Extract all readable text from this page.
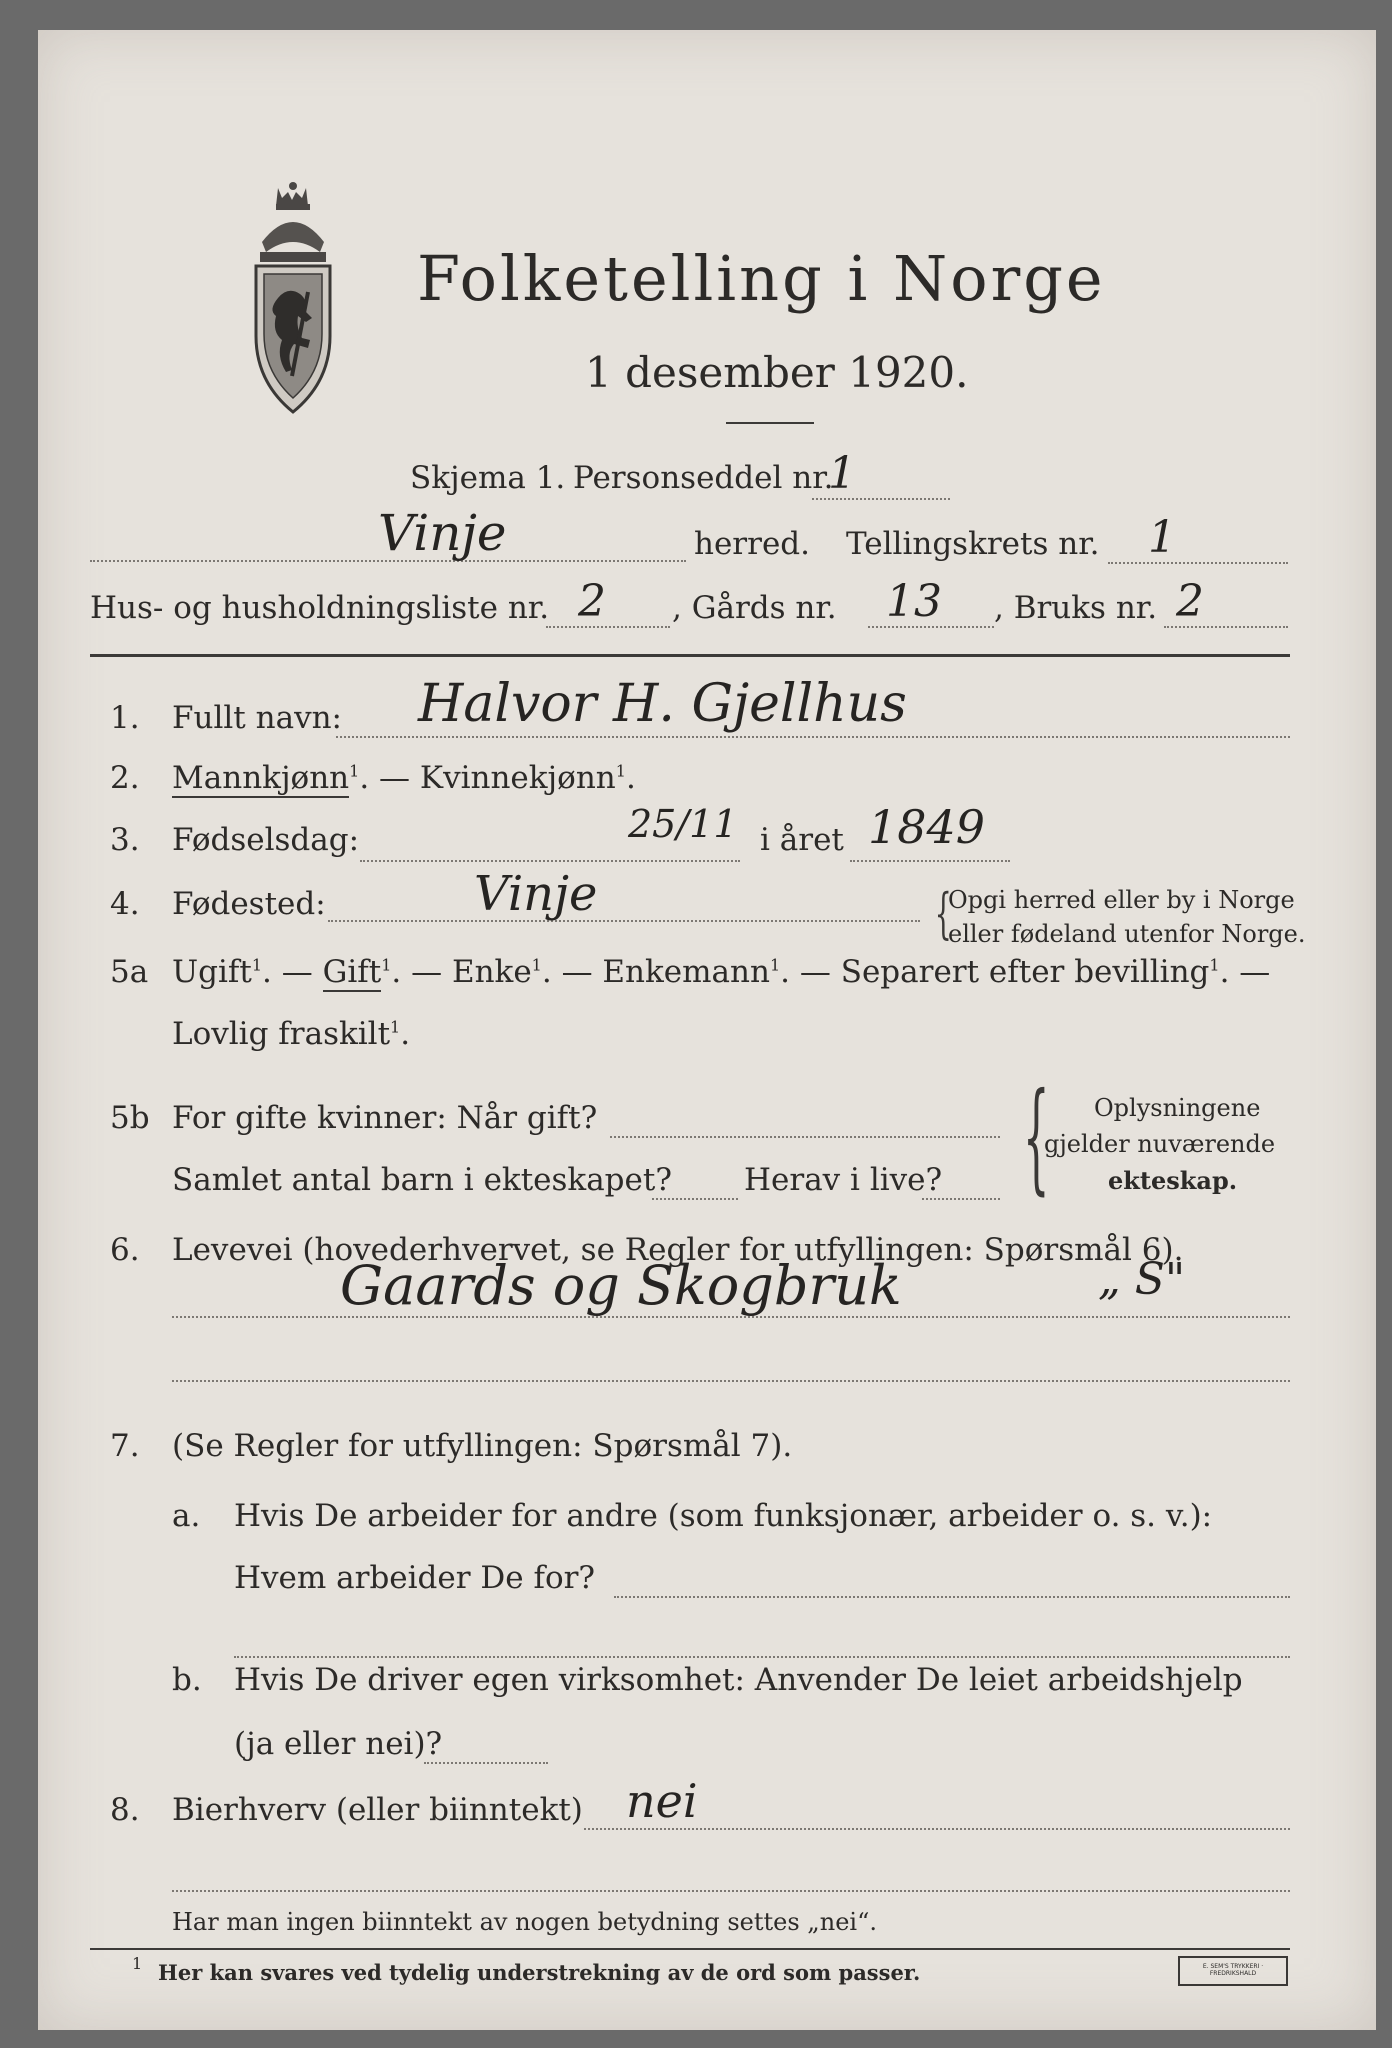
Folketelling i Norge
1 desember 1920.
Skjema 1. Personseddel nr.
1
Vinje	herred. Tellingskrets nr. 1
Hus- og husholdningsliste nr. 2 , Gårds nr. 13 , Bruks nr. 2
1. Fullt navn: Halvor H. Gjellhus
2. Mannkjønn$^1$. — Kvinnekjønn$^1$.
3. Fødselsdag:	25/11 i året 1849
4. Fødested:	Vinje	{
Opgi herred eller by i Norge
eller fødeland utenfor Norge.
5a Ugift$^1$. — Gift$^1$. — Enke$^1$. — Enkemann$^1$. — Separert efter bevilling$^1$. —
Lovlig fraskilt$^1$.
5b For gifte kvinner: Når gift?
Samlet antal barn i ekteskapet? Herav i live? { Oplysningene
gjelder nuværende
ekteskap.
6. Levevei (hovederhvervet, se Regler for utfyllingen: Spørsmål 6).
Gaards og Skogbruk	„ S"
7. (Se Regler for utfyllingen: Spørsmål 7).
a. Hvis De arbeider for andre (som funksjonær, arbeider o. s. v.):
Hvem arbeider De for?
b. Hvis De driver egen virksomhet: Anvender De leiet arbeidshjelp
(ja eller nei)?
8. Bierhverv (eller biinntekt) nei
Har man ingen biinntekt av nogen betydning settes „nei“.
1 Her kan svares ved tydelig understrekning av de ord som passer.	E. SEM'S TRYKKERI · FREDRIKSHALD
